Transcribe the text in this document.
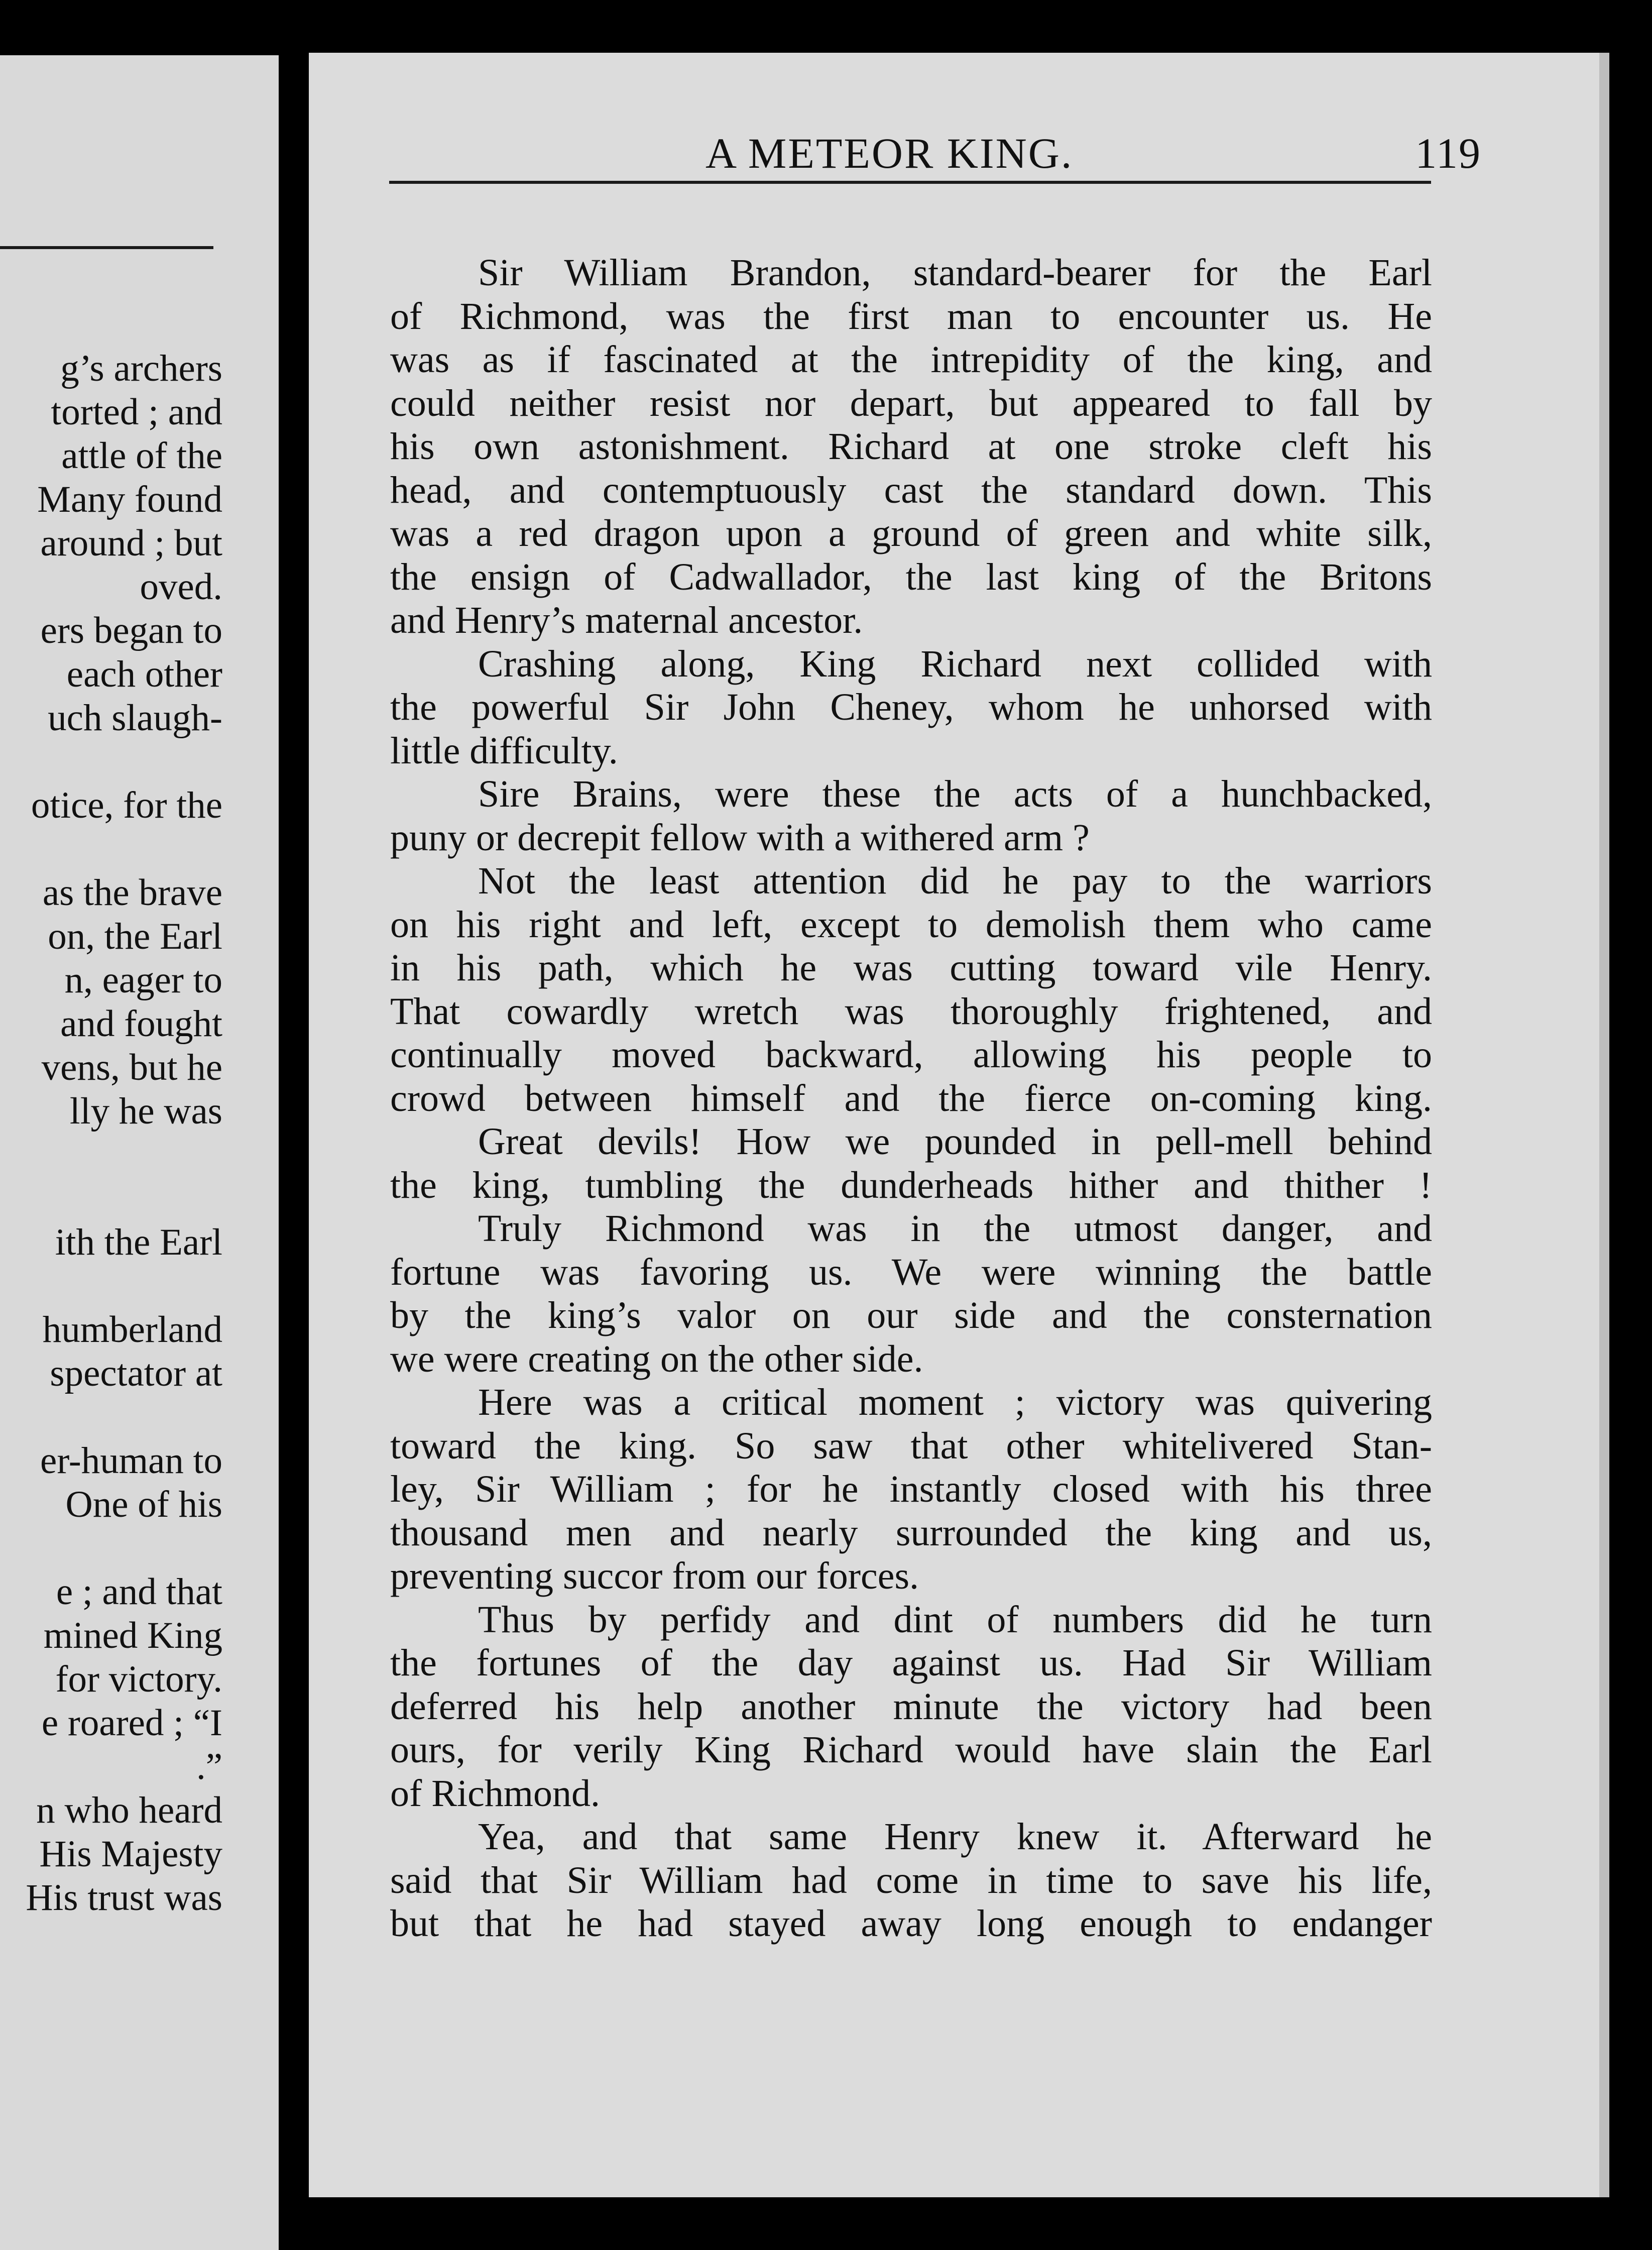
g’s archers
torted ; and
attle of the
Many found
around ; but
oved.
ers began to
each other
uch slaugh-
otice, for the
as the brave
on, the Earl
n, eager to
and fought
vens, but he
lly he was
ith the Earl
humberland
spectator at
er-human to
One of his
e ; and that
mined King
for victory.
e roared ; “I
.”
n who heard
His Majesty
His trust was
A METEOR KING.	119
Sir William Brandon, standard-bearer for the Earl
of Richmond, was the first man to encounter us. He
was as if fascinated at the intrepidity of the king, and
could neither resist nor depart, but appeared to fall by
his own astonishment. Richard at one stroke cleft his
head, and contemptuously cast the standard down. This
was a red dragon upon a ground of green and white silk,
the ensign of Cadwallador, the last king of the Britons
and Henry’s maternal ancestor.
Crashing along, King Richard next collided with
the powerful Sir John Cheney, whom he unhorsed with
little difficulty.
Sire Brains, were these the acts of a hunchbacked,
puny or decrepit fellow with a withered arm ?
Not the least attention did he pay to the warriors
on his right and left, except to demolish them who came
in his path, which he was cutting toward vile Henry.
That cowardly wretch was thoroughly frightened, and
continually moved backward, allowing his people to
crowd between himself and the fierce on-coming king.
Great devils! How we pounded in pell-mell behind
the king, tumbling the dunderheads hither and thither !
Truly Richmond was in the utmost danger, and
fortune was favoring us. We were winning the battle
by the king’s valor on our side and the consternation
we were creating on the other side.
Here was a critical moment ; victory was quivering
toward the king. So saw that other whitelivered Stan-
ley, Sir William ; for he instantly closed with his three
thousand men and nearly surrounded the king and us,
preventing succor from our forces.
Thus by perfidy and dint of numbers did he turn
the fortunes of the day against us. Had Sir William
deferred his help another minute the victory had been
ours, for verily King Richard would have slain the Earl
of Richmond.
Yea, and that same Henry knew it. Afterward he
said that Sir William had come in time to save his life,
but that he had stayed away long enough to endanger
